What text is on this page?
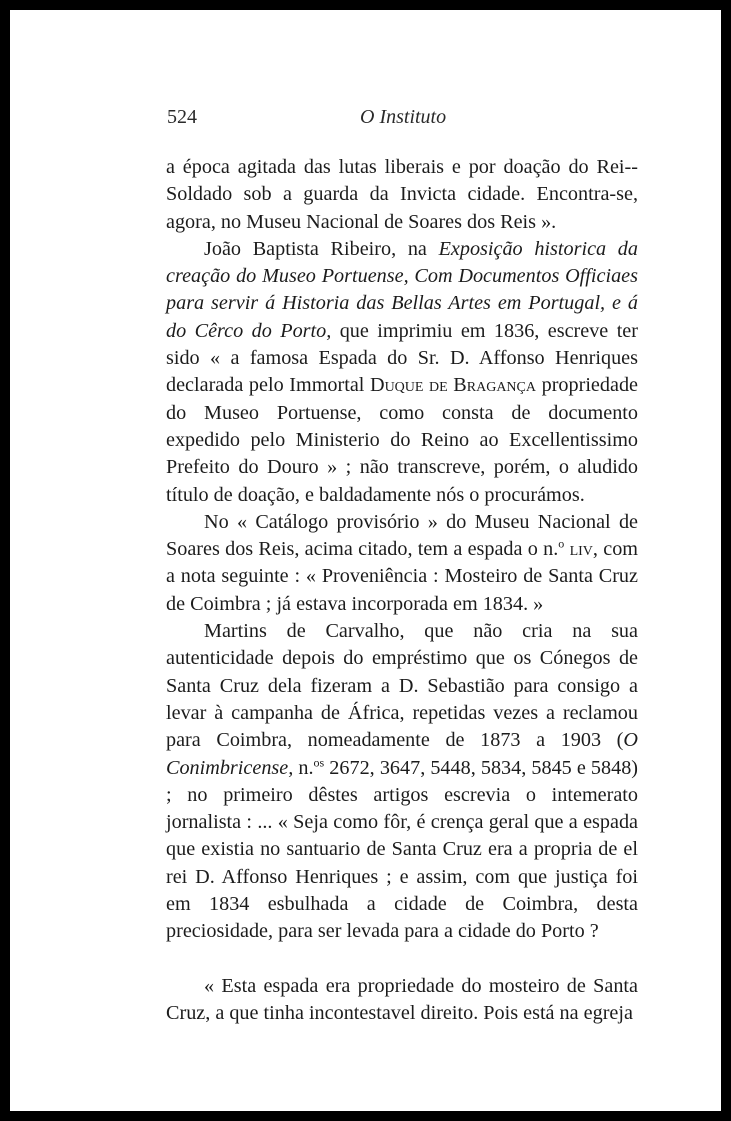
524	O Instituto

a época agitada das lutas liberais e por doação do Rei--Soldado sob a guarda da Invicta cidade. Encontra-se, agora, no Museu Nacional de Soares dos Reis ».

João Baptista Ribeiro, na Exposição historica da creação do Museo Portuense, Com Documentos Officiaes para servir á Historia das Bellas Artes em Portugal, e á do Cêrco do Porto, que imprimiu em 1836, escreve ter sido « a famosa Espada do Sr. D. Affonso Henriques declarada pelo Immortal Duque de Bragança propriedade do Museo Portuense, como consta de documento expedido pelo Ministerio do Reino ao Excellentissimo Prefeito do Douro » ; não transcreve, porém, o aludido título de doação, e baldadamente nós o procurámos.

No « Catálogo provisório » do Museu Nacional de Soares dos Reis, acima citado, tem a espada o n.$^o$ liv, com a nota seguinte : « Proveniência : Mosteiro de Santa Cruz de Coimbra ; já estava incorporada em 1834. »

Martins de Carvalho, que não cria na sua autenticidade depois do empréstimo que os Cónegos de Santa Cruz dela fizeram a D. Sebastião para consigo a levar à campanha de África, repetidas vezes a reclamou para Coimbra, nomeadamente de 1873 a 1903 (O Conimbricense, n.$^{os}$ 2672, 3647, 5448, 5834, 5845 e 5848) ; no primeiro dêstes artigos escrevia o intemerato jornalista : ... « Seja como fôr, é crença geral que a espada que existia no santuario de Santa Cruz era a propria de el rei D. Affonso Henriques ; e assim, com que justiça foi em 1834 esbulhada a cidade de Coimbra, desta preciosidade, para ser levada para a cidade do Porto ?

« Esta espada era propriedade do mosteiro de Santa Cruz, a que tinha incontestavel direito. Pois está na egreja
